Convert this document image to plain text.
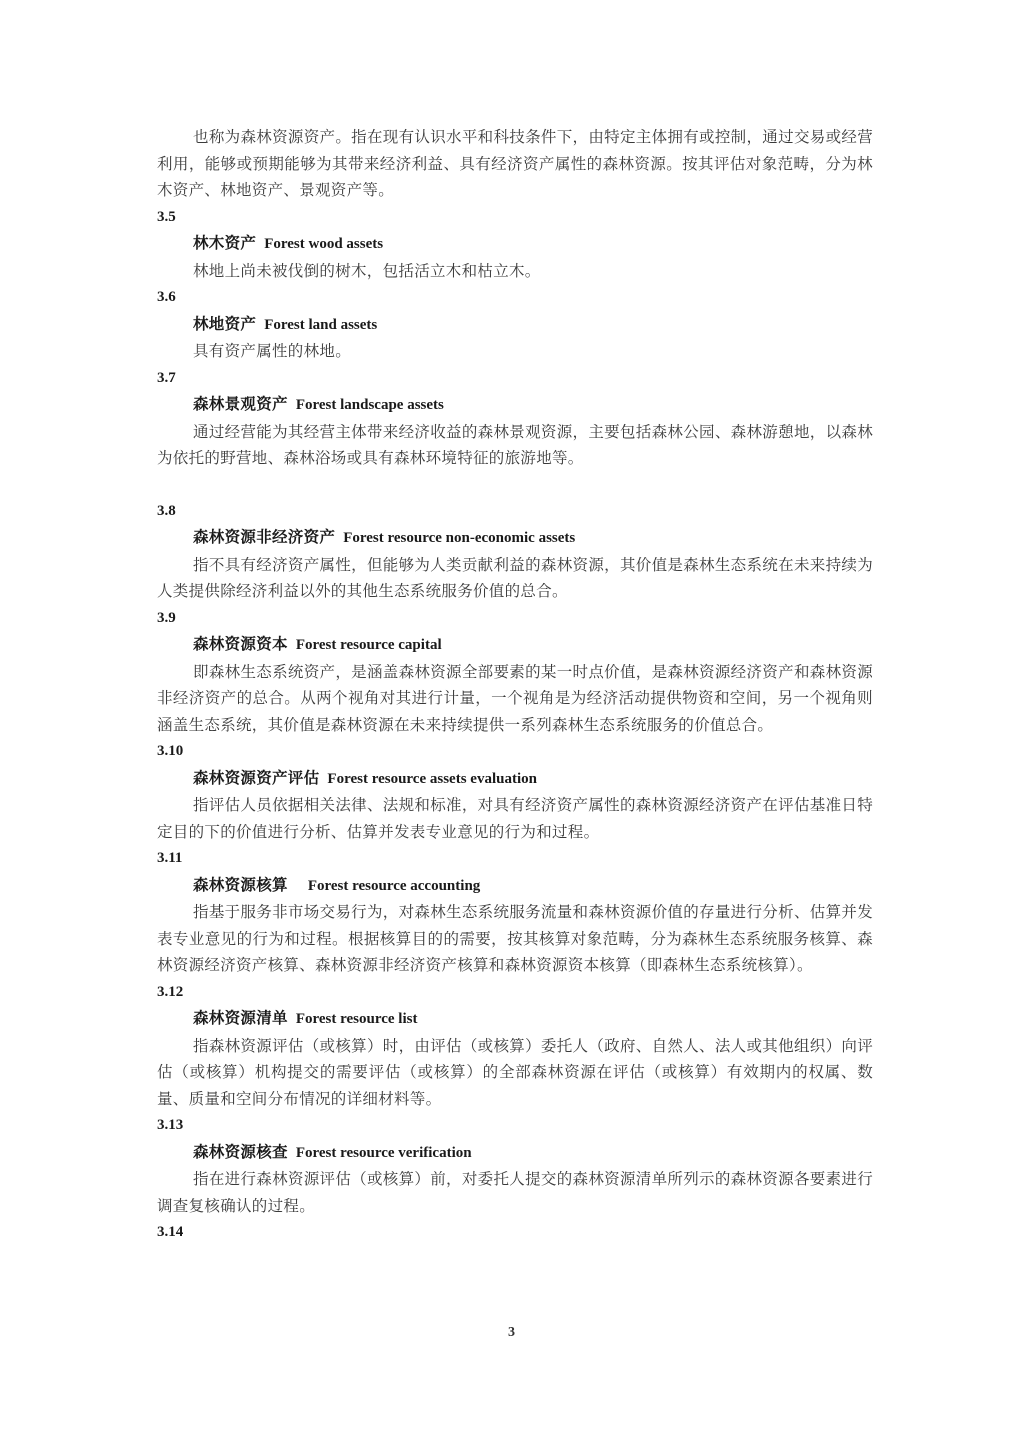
也称为森林资源资产。指在现有认识水平和科技条件下，由特定主体拥有或控制，通过交易或经营利用，能够或预期能够为其带来经济利益、具有经济资产属性的森林资源。按其评估对象范畴，分为林木资产、林地资产、景观资产等。

3.5

林木资产 Forest wood assets

林地上尚未被伐倒的树木，包括活立木和枯立木。

3.6

林地资产 Forest land assets

具有资产属性的林地。

3.7

森林景观资产 Forest landscape assets

通过经营能为其经营主体带来经济收益的森林景观资源，主要包括森林公园、森林游憩地，以森林为依托的野营地、森林浴场或具有森林环境特征的旅游地等。

3.8

森林资源非经济资产 Forest resource non-economic assets

指不具有经济资产属性，但能够为人类贡献利益的森林资源，其价值是森林生态系统在未来持续为人类提供除经济利益以外的其他生态系统服务价值的总合。

3.9

森林资源资本 Forest resource capital

即森林生态系统资产，是涵盖森林资源全部要素的某一时点价值，是森林资源经济资产和森林资源非经济资产的总合。从两个视角对其进行计量，一个视角是为经济活动提供物资和空间，另一个视角则涵盖生态系统，其价值是森林资源在未来持续提供一系列森林生态系统服务的价值总合。

3.10

森林资源资产评估 Forest resource assets evaluation

指评估人员依据相关法律、法规和标准，对具有经济资产属性的森林资源经济资产在评估基准日特定目的下的价值进行分析、估算并发表专业意见的行为和过程。

3.11

森林资源核算 Forest resource accounting

指基于服务非市场交易行为，对森林生态系统服务流量和森林资源价值的存量进行分析、估算并发表专业意见的行为和过程。根据核算目的的需要，按其核算对象范畴，分为森林生态系统服务核算、森林资源经济资产核算、森林资源非经济资产核算和森林资源资本核算（即森林生态系统核算）。

3.12

森林资源清单 Forest resource list

指森林资源评估（或核算）时，由评估（或核算）委托人（政府、自然人、法人或其他组织）向评估（或核算）机构提交的需要评估（或核算）的全部森林资源在评估（或核算）有效期内的权属、数量、质量和空间分布情况的详细材料等。

3.13

森林资源核查 Forest resource verification

指在进行森林资源评估（或核算）前，对委托人提交的森林资源清单所列示的森林资源各要素进行调查复核确认的过程。

3.14

3
